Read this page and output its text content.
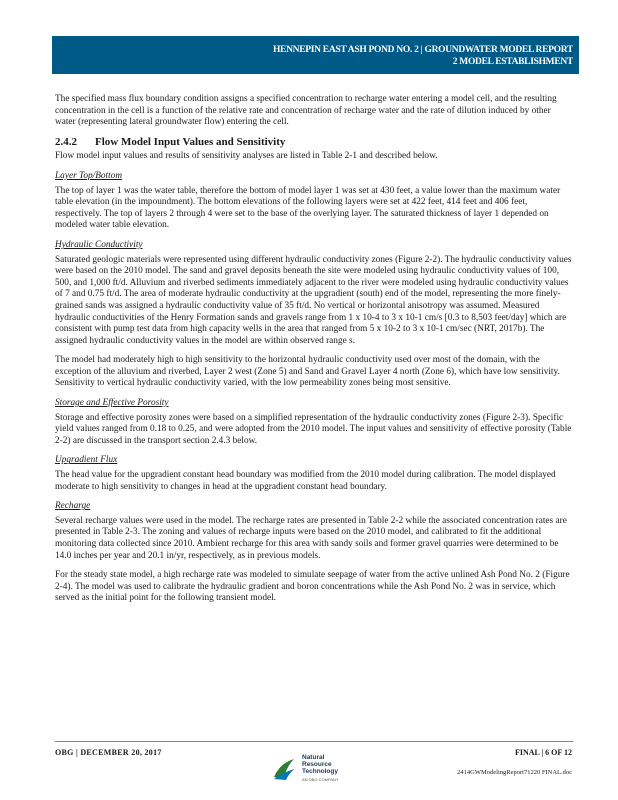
HENNEPIN EAST ASH POND NO. 2 | GROUNDWATER MODEL REPORT
2 MODEL ESTABLISHMENT

The specified mass flux boundary condition assigns a specified concentration to recharge water entering a model cell, and the resulting concentration in the cell is a function of the relative rate and concentration of recharge water and the rate of dilution induced by other water (representing lateral groundwater flow) entering the cell.

2.4.2 Flow Model Input Values and Sensitivity

Flow model input values and results of sensitivity analyses are listed in Table 2-1 and described below.

Layer Top/Bottom

The top of layer 1 was the water table, therefore the bottom of model layer 1 was set at 430 feet, a value lower than the maximum water table elevation (in the impoundment). The bottom elevations of the following layers were set at 422 feet, 414 feet and 406 feet, respectively. The top of layers 2 through 4 were set to the base of the overlying layer. The saturated thickness of layer 1 depended on modeled water table elevation.

Hydraulic Conductivity

Saturated geologic materials were represented using different hydraulic conductivity zones (Figure 2-2). The hydraulic conductivity values were based on the 2010 model. The sand and gravel deposits beneath the site were modeled using hydraulic conductivity values of 100, 500, and 1,000 ft/d. Alluvium and riverbed sediments immediately adjacent to the river were modeled using hydraulic conductivity values of 7 and 0.75 ft/d. The area of moderate hydraulic conductivity at the upgradient (south) end of the model, representing the more finely-grained sands was assigned a hydraulic conductivity value of 35 ft/d. No vertical or horizontal anisotropy was assumed. Measured hydraulic conductivities of the Henry Formation sands and gravels range from 1 x 10-4 to 3 x 10-1 cm/s [0.3 to 8,503 feet/day] which are consistent with pump test data from high capacity wells in the area that ranged from 5 x 10-2 to 3 x 10-1 cm/sec (NRT, 2017b). The assigned hydraulic conductivity values in the model are within observed range s.

The model had moderately high to high sensitivity to the horizontal hydraulic conductivity used over most of the domain, with the exception of the alluvium and riverbed, Layer 2 west (Zone 5) and Sand and Gravel Layer 4 north (Zone 6), which have low sensitivity. Sensitivity to vertical hydraulic conductivity varied, with the low permeability zones being most sensitive.

Storage and Effective Porosity

Storage and effective porosity zones were based on a simplified representation of the hydraulic conductivity zones (Figure 2-3). Specific yield values ranged from 0.18 to 0.25, and were adopted from the 2010 model. The input values and sensitivity of effective porosity (Table 2-2) are discussed in the transport section 2.4.3 below.

Upgradient Flux

The head value for the upgradient constant head boundary was modified from the 2010 model during calibration. The model displayed moderate to high sensitivity to changes in head at the upgradient constant head boundary.

Recharge

Several recharge values were used in the model. The recharge rates are presented in Table 2-2 while the associated concentration rates are presented in Table 2-3. The zoning and values of recharge inputs were based on the 2010 model, and calibrated to fit the additional monitoring data collected since 2010. Ambient recharge for this area with sandy soils and former gravel quarries were determined to be 14.0 inches per year and 20.1 in/yr, respectively, as in previous models.

For the steady state model, a high recharge rate was modeled to simulate seepage of water from the active unlined Ash Pond No. 2 (Figure 2-4). The model was used to calibrate the hydraulic gradient and boron concentrations while the Ash Pond No. 2 was in service, which served as the initial point for the following transient model.

OBG | DECEMBER 20, 2017	FINAL | 6 OF 12
2414GWModelingReport71220 FINAL.doc
Natural
Resource
Technology
AN OBG COMPANY
